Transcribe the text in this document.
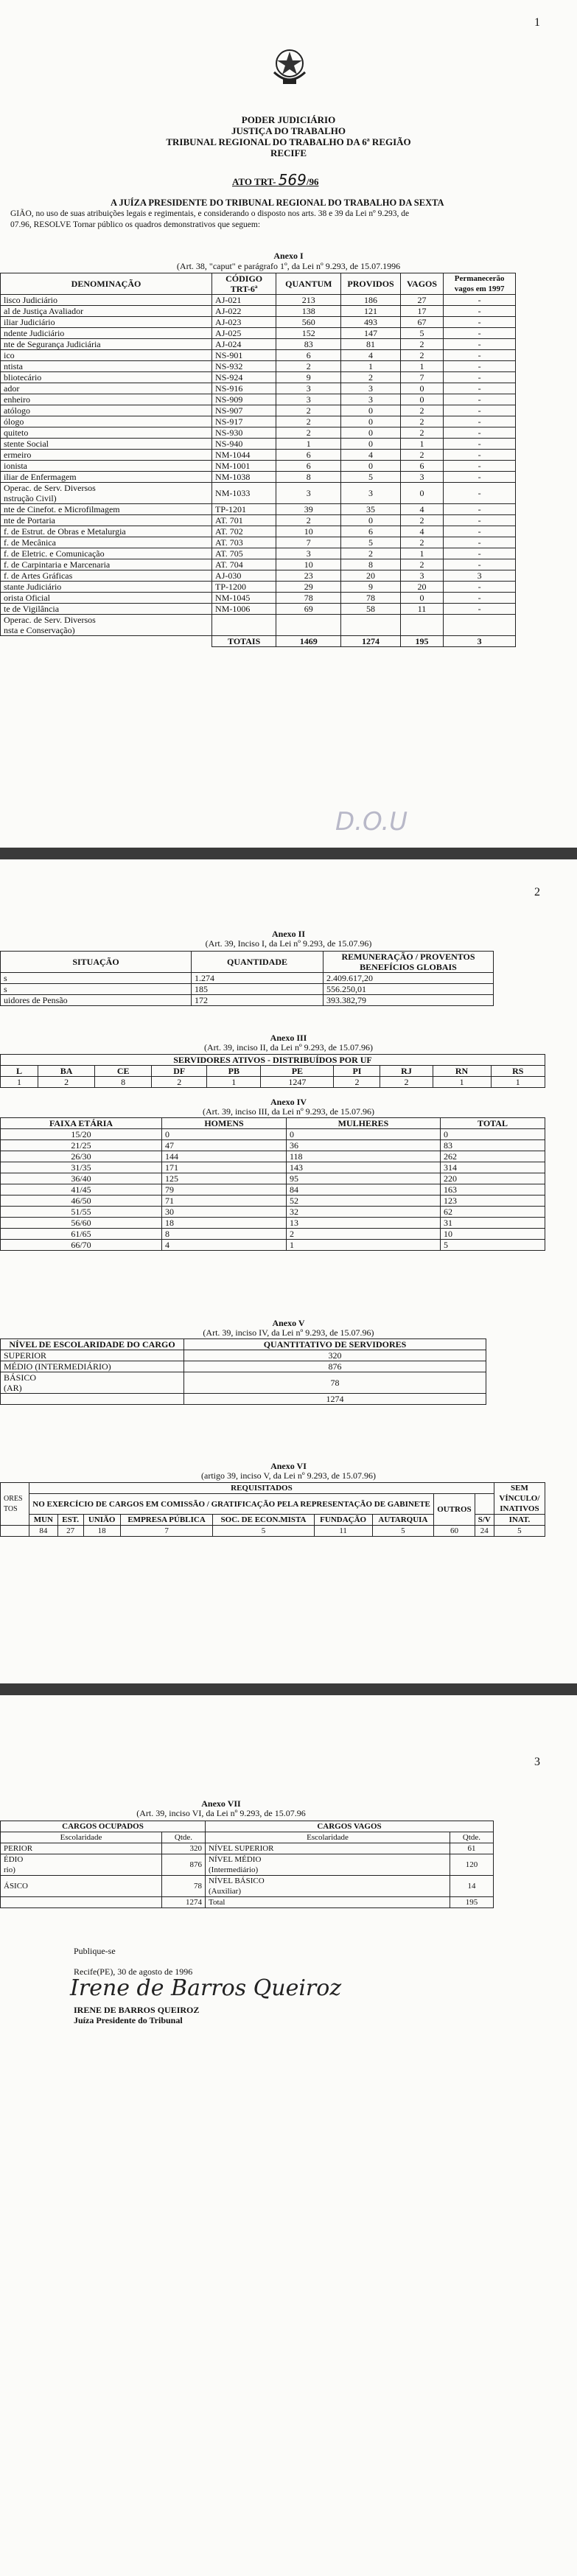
1
PODER JUDICIÁRIO
JUSTIÇA DO TRABALHO
TRIBUNAL REGIONAL DO TRABALHO DA 6ª REGIÃO
RECIFE
ATO TRT- 569/96
A JUÍZA PRESIDENTE DO TRIBUNAL REGIONAL DO TRABALHO DA SEXTA
GIÃO, no uso de suas atribuições legais e regimentais, e considerando o disposto nos arts. 38 e 39 da Lei nº 9.293, de
07.96, RESOLVE Tornar público os quadros demonstrativos que seguem:
Anexo I
(Art. 38, "caput" e parágrafo 1º, da Lei nº 9.293, de 15.07.1996
DENOMINAÇÃO	CÓDIGO TRT-6ª	QUANTUM	PROVIDOS	VAGOS	Permanecerão vagos em 1997
lisco Judiciário	AJ-021	213	186	27	-
al de Justiça Avaliador	AJ-022	138	121	17	-
iliar Judiciário	AJ-023	560	493	67	-
ndente Judiciário	AJ-025	152	147	5	-
nte de Segurança Judiciária	AJ-024	83	81	2	-
ico	NS-901	6	4	2	-
ntista	NS-932	2	1	1	-
bliotecário	NS-924	9	2	7	-
ador	NS-916	3	3	0	-
enheiro	NS-909	3	3	0	-
atólogo	NS-907	2	0	2	-
ólogo	NS-917	2	0	2	-
quiteto	NS-930	2	0	2	-
stente Social	NS-940	1	0	1	-
ermeiro	NM-1044	6	4	2	-
ionista	NM-1001	6	0	6	-
iliar de Enfermagem	NM-1038	8	5	3	-
Operac. de Serv. Diversos
nstrução Civil)	NM-1033	3	3	0	-
nte de Cinefot. e Microfilmagem	TP-1201	39	35	4	-
nte de Portaria	AT. 701	2	0	2	-
f. de Estrut. de Obras e Metalurgia	AT. 702	10	6	4	-
f. de Mecânica	AT. 703	7	5	2	-
f. de Eletric. e Comunicação	AT. 705	3	2	1	-
f. de Carpintaria e Marcenaria	AT. 704	10	8	2	-
f. de Artes Gráficas	AJ-030	23	20	3	3
stante Judiciário	TP-1200	29	9	20	-
orista Oficial	NM-1045	78	78	0	-
te de Vigilância	NM-1006	69	58	11	-
Operac. de Serv. Diversos
nsta e Conservação)					
	TOTAIS	1469	1274	195	3
D.O.U
2
Anexo II
(Art. 39, Inciso I, da Lei nº 9.293, de 15.07.96)
SITUAÇÃO	QUANTIDADE	REMUNERAÇÃO / PROVENTOS BENEFÍCIOS GLOBAIS
s	1.274	2.409.617,20
s	185	556.250,01
uidores de Pensão	172	393.382,79
Anexo III
(Art. 39, inciso II, da Lei nº 9.293, de 15.07.96)
SERVIDORES ATIVOS - DISTRIBUÍDOS POR UF									
L	BA	CE	DF	PB	PE	PI	RJ	RN	RS
1	2	8	2	1	1247	2	2	1	1
Anexo IV
(Art. 39, inciso III, da Lei nº 9.293, de 15.07.96)
FAIXA ETÁRIA	HOMENS	MULHERES	TOTAL
15/20	0	0	0
21/25	47	36	83
26/30	144	118	262
31/35	171	143	314
36/40	125	95	220
41/45	79	84	163
46/50	71	52	123
51/55	30	32	62
56/60	18	13	31
61/65	8	2	10
66/70	4	1	5
Anexo V
(Art. 39, inciso IV, da Lei nº 9.293, de 15.07.96)
NÍVEL DE ESCOLARIDADE DO CARGO	QUANTITATIVO DE SERVIDORES
SUPERIOR	320
MÉDIO (INTERMEDIÁRIO)	876
BÁSICO
(AR)	78
	1274
Anexo VI
(artigo 39, inciso V, da Lei nº 9.293, de 15.07.96)
ORES
TOS	REQUISITADOS									SEM VÍNCULO/ INATIVOS
	NO EXERCÍCIO DE CARGOS EM COMISSÃO / GRATIFICAÇÃO PELA REPRESENTAÇÃO DE GABINETE							OUTROS		
	MUN	EST.	UNIÃO	EMPRESA PÚBLICA	SOC. DE ECON.MISTA	FUNDAÇÃO	AUTARQUIA		S/V	INAT.
	84	27	18	7	5	11	5	60	24	5
3
Anexo VII
(Art. 39, inciso VI, da Lei nº 9.293, de 15.07.96
CARGOS OCUPADOS		CARGOS VAGOS	
Escolaridade	Qtde.	Escolaridade	Qtde.
PERIOR	320	NÍVEL SUPERIOR	61
ÉDIO
rio)	876	NÍVEL MÉDIO
(Intermediário)	120
ÁSICO	78	NÍVEL BÁSICO
(Auxiliar)	14
	1274	Total	195
Publique-se
Recife(PE), 30 de agosto de 1996
Irene de Barros Queiroz
IRENE DE BARROS QUEIROZ
Juíza Presidente do Tribunal
